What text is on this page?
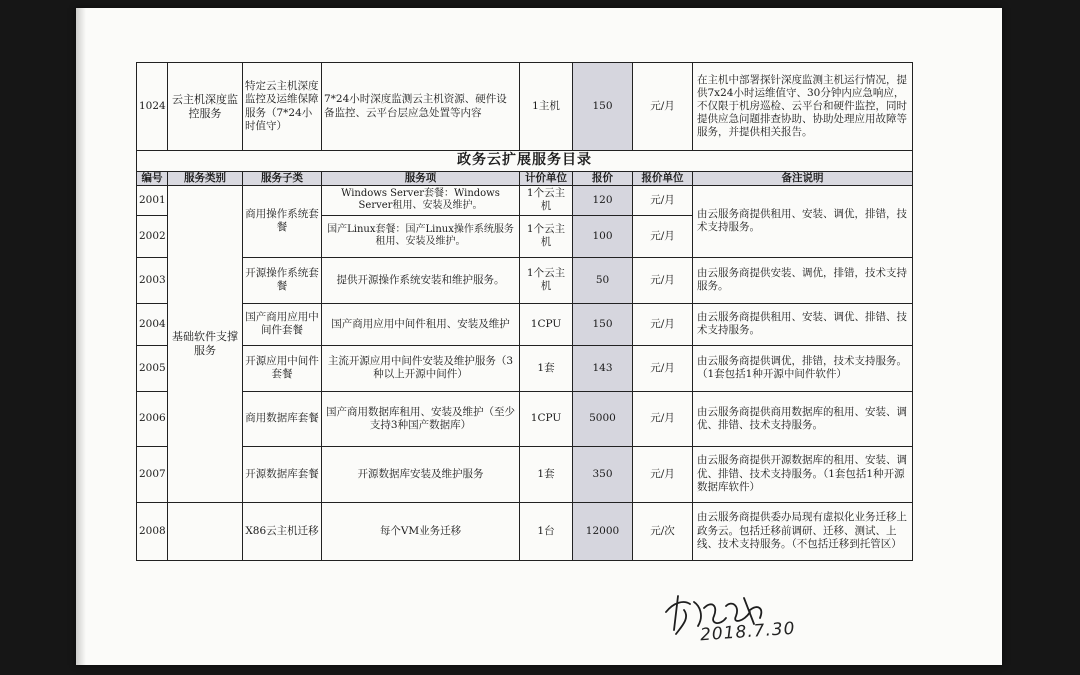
1024	云主机深度监控服务	特定云主机深度监控及运维保障服务（7*24小时值守）	7*24小时深度监测云主机资源、硬件设备监控、云平台层应急处置等内容	1主机	150	元/月	在主机中部署探针深度监测主机运行情况，提供7x24小时运维值守、30分钟内应急响应，不仅限于机房巡检、云平台和硬件监控，同时提供应急问题排查协助、协助处理应用故障等服务，并提供相关报告。
政务云扩展服务目录							
编号	服务类别	服务子类	服务项	计价单位	报价	报价单位	备注说明
2001	基础软件支撑服务	商用操作系统套餐	Windows Server套餐：Windows Server租用、安装及维护。	1个云主机	120	元/月	由云服务商提供租用、安装、调优，排错，技术支持服务。
2002			国产Linux套餐：国产Linux操作系统服务租用、安装及维护。	1个云主机	100	元/月	
2003		开源操作系统套餐	提供开源操作系统安装和维护服务。	1个云主机	50	元/月	由云服务商提供安装、调优，排错，技术支持服务。
2004		国产商用应用中间件套餐	国产商用应用中间件租用、安装及维护	1CPU	150	元/月	由云服务商提供租用、安装、调优、排错、技术支持服务。
2005		开源应用中间件套餐	主流开源应用中间件安装及维护服务（3种以上开源中间件）	1套	143	元/月	由云服务商提供调优，排错，技术支持服务。（1套包括1种开源中间件软件）
2006		商用数据库套餐	国产商用数据库租用、安装及维护（至少支持3种国产数据库）	1CPU	5000	元/月	由云服务商提供商用数据库的租用、安装、调优、排错、技术支持服务。
2007		开源数据库套餐	开源数据库安装及维护服务	1套	350	元/月	由云服务商提供开源数据库的租用、安装、调优、排错、技术支持服务。（1套包括1种开源数据库软件）
2008		X86云主机迁移	每个VM业务迁移	1台	12000	元/次	由云服务商提供委办局现有虚拟化业务迁移上政务云。包括迁移前调研、迁移、测试、上线、技术支持服务。（不包括迁移到托管区）
2018.7.30
